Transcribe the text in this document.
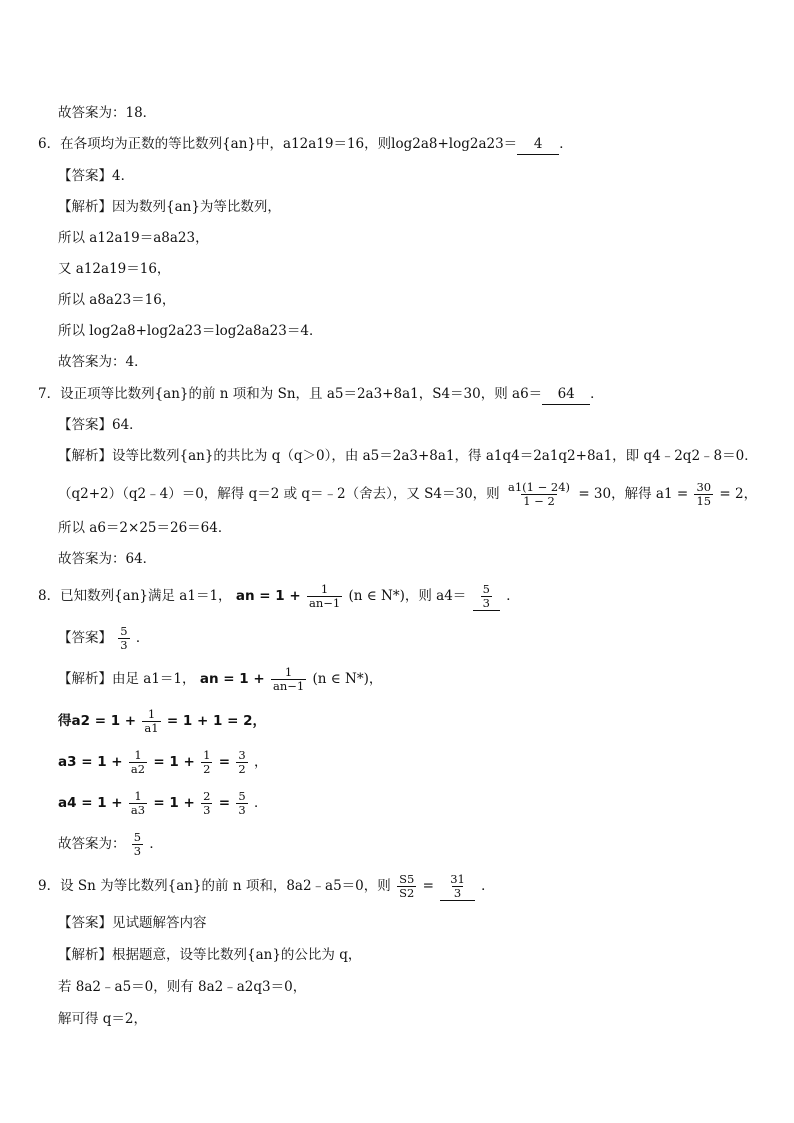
故答案为：18．
6．在各项均为正数的等比数列{an}中，a12a19＝16，则log2a8+log2a23＝ 4 ．
【答案】4．
【解析】因为数列{an}为等比数列，
所以 a12a19＝a8a23，
又 a12a19＝16，
所以 a8a23＝16，
所以 log2a8+log2a23＝log2a8a23＝4．
故答案为：4．
7．设正项等比数列{an}的前 n 项和为 Sn，且 a5＝2a3+8a1，S4＝30，则 a6＝ 64 ．
【答案】64．
【解析】设等比数列{an}的共比为 q（q＞0），由 a5＝2a3+8a1，得 a1q4＝2a1q2+8a1，即 q4﹣2q2﹣8＝0．
（q2+2）（q2﹣4）＝0，解得 q＝2 或 q＝﹣2（舍去），又 S4＝30，则 $\frac{a1(1 - 24)}{1 - 2} = 30$，解得 $a1 = \frac{30}{15} = 2$，
所以 a6＝2×25＝26＝64．
故答案为：64．
8．已知数列{an}满足 a1＝1， an = $1 + \frac{1}{an-1} (n$ ∈ N*)，则 $a4= \frac{5}{3}$ ．
【答案】 $\frac{5}{3}$ ．
【解析】由足 a1＝1， an = $1 + \frac{1}{an-1} (n$ ∈ N*)，
得$a2 = 1 + \frac{1}{a1} = 1 + 1 = 2$，
$a3 = 1 + \frac{1}{a2} = 1 + \frac{1}{2} = \frac{3}{2}$ ，
$a4 = 1 + \frac{1}{a3} = 1 + \frac{2}{3} = \frac{5}{3}$ ．
故答案为： $\frac{5}{3}$ ．
9．设 Sn 为等比数列{an}的前 n 项和，8a2﹣a5＝0，则 $\frac{S5}{S2} = \frac{31}{3}$ ．
【答案】见试题解答内容
【解析】根据题意，设等比数列{an}的公比为 q，
若 8a2﹣a5＝0，则有 8a2﹣a2q3＝0，
解可得 q＝2，
